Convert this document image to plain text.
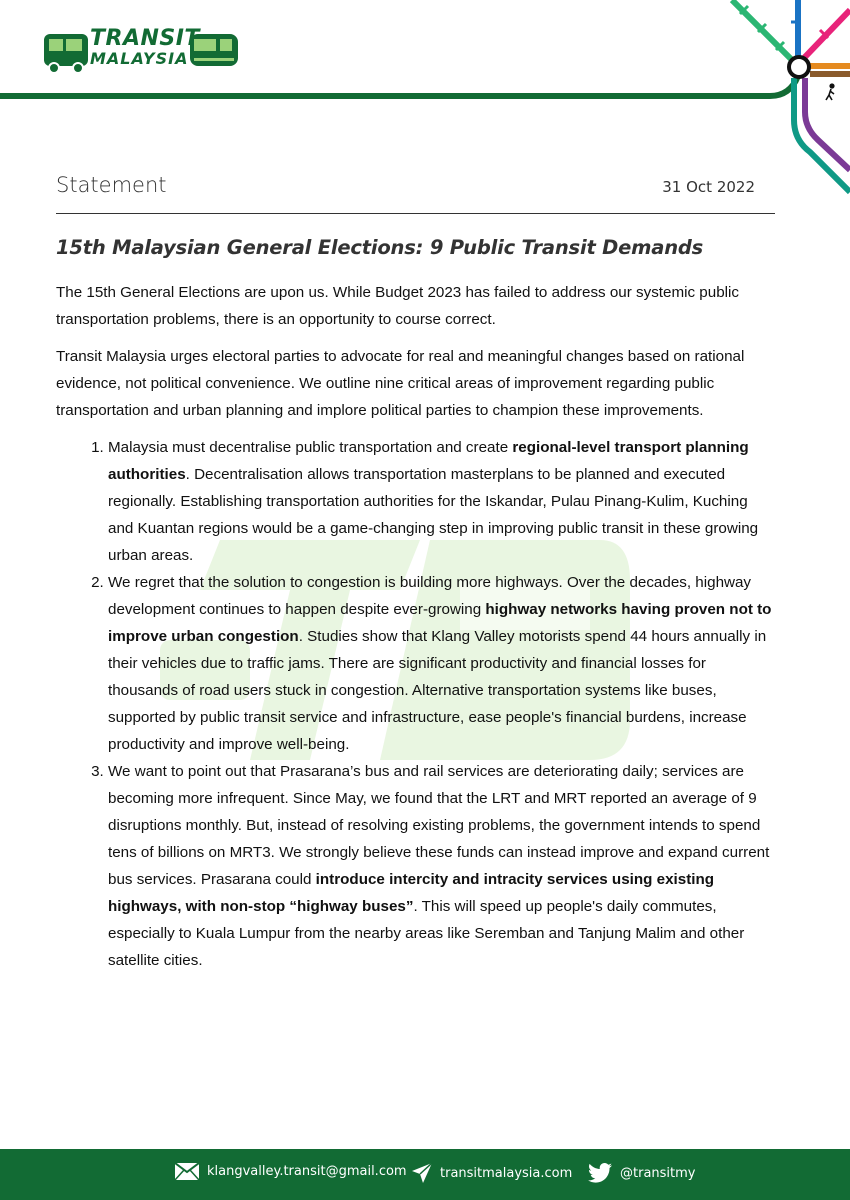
TRANSIT
MALAYSIA
Statement	31 Oct 2022
15th Malaysian General Elections: 9 Public Transit Demands

The 15th General Elections are upon us. While Budget 2023 has failed to address our systemic public transportation problems, there is an opportunity to course correct.

Transit Malaysia urges electoral parties to advocate for real and meaningful changes based on rational evidence, not political convenience. We outline nine critical areas of improvement regarding public transportation and urban planning and implore political parties to champion these improvements.

1. Malaysia must decentralise public transportation and create regional-level transport planning authorities. Decentralisation allows transportation masterplans to be planned and executed regionally. Establishing transportation authorities for the Iskandar, Pulau Pinang-Kulim, Kuching and Kuantan regions would be a game-changing step in improving public transit in these growing urban areas.
2. We regret that the solution to congestion is building more highways. Over the decades, highway development continues to happen despite ever-growing highway networks having proven not to improve urban congestion. Studies show that Klang Valley motorists spend 44 hours annually in their vehicles due to traffic jams. There are significant productivity and financial losses for thousands of road users stuck in congestion. Alternative transportation systems like buses, supported by public transit service and infrastructure, ease people's financial burdens, increase productivity and improve well-being.
3. We want to point out that Prasarana’s bus and rail services are deteriorating daily; services are becoming more infrequent. Since May, we found that the LRT and MRT reported an average of 9 disruptions monthly. But, instead of resolving existing problems, the government intends to spend tens of billions on MRT3. We strongly believe these funds can instead improve and expand current bus services. Prasarana could introduce intercity and intracity services using existing highways, with non-stop “highway buses”. This will speed up people's daily commutes, especially to Kuala Lumpur from the nearby areas like Seremban and Tanjung Malim and other satellite cities.
klangvalley.transit@gmail.com	transitmalaysia.com	@transitmy
